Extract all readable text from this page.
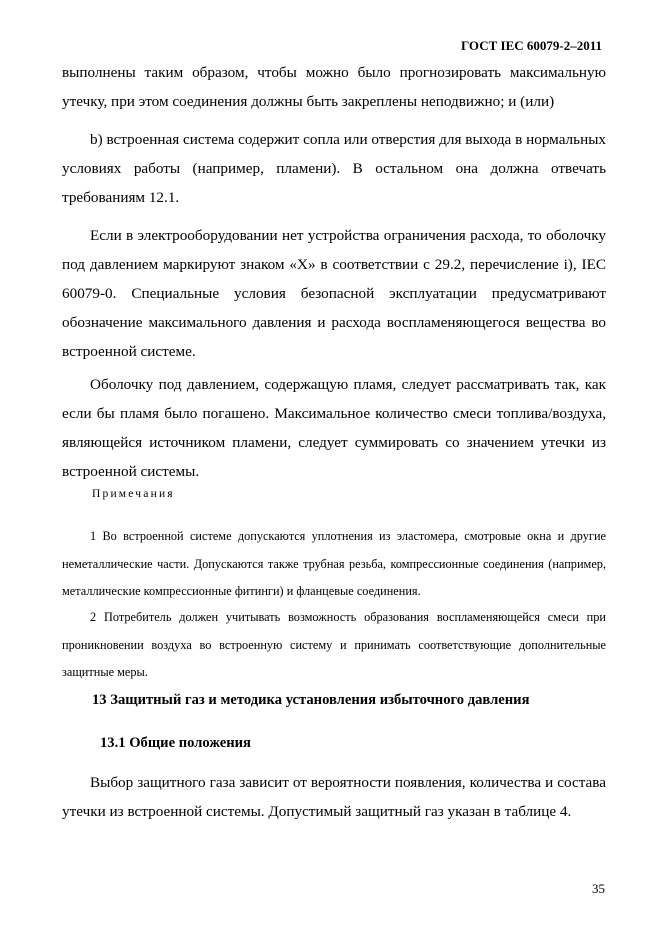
ГОСТ IEC 60079-2–2011

выполнены таким образом, чтобы можно было прогнозировать максимальную утечку, при этом соединения должны быть закреплены неподвижно; и (или)

b) встроенная система содержит сопла или отверстия для выхода в нормальных условиях работы (например, пламени). В остальном она должна отвечать требованиям 12.1.

Если в электрооборудовании нет устройства ограничения расхода, то оболочку под давлением маркируют знаком «Х» в соответствии с 29.2, перечисление i), IEC 60079-0. Специальные условия безопасной эксплуатации предусматривают обозначение максимального давления и расхода воспламеняющегося вещества во встроенной системе.

Оболочку под давлением, содержащую пламя, следует рассматривать так, как если бы пламя было погашено. Максимальное количество смеси топлива/воздуха, являющейся источником пламени, следует суммировать со значением утечки из встроенной системы.

Примечания

1 Во встроенной системе допускаются уплотнения из эластомера, смотровые окна и другие неметаллические части. Допускаются также трубная резьба, компрессионные соединения (например, металлические компрессионные фитинги) и фланцевые соединения.

2 Потребитель должен учитывать возможность образования воспламеняющейся смеси при проникновении воздуха во встроенную систему и принимать соответствующие дополнительные защитные меры.

13 Защитный газ и методика установления избыточного давления
13.1 Общие положения

Выбор защитного газа зависит от вероятности появления, количества и состава утечки из встроенной системы. Допустимый защитный газ указан в таблице 4.

35
